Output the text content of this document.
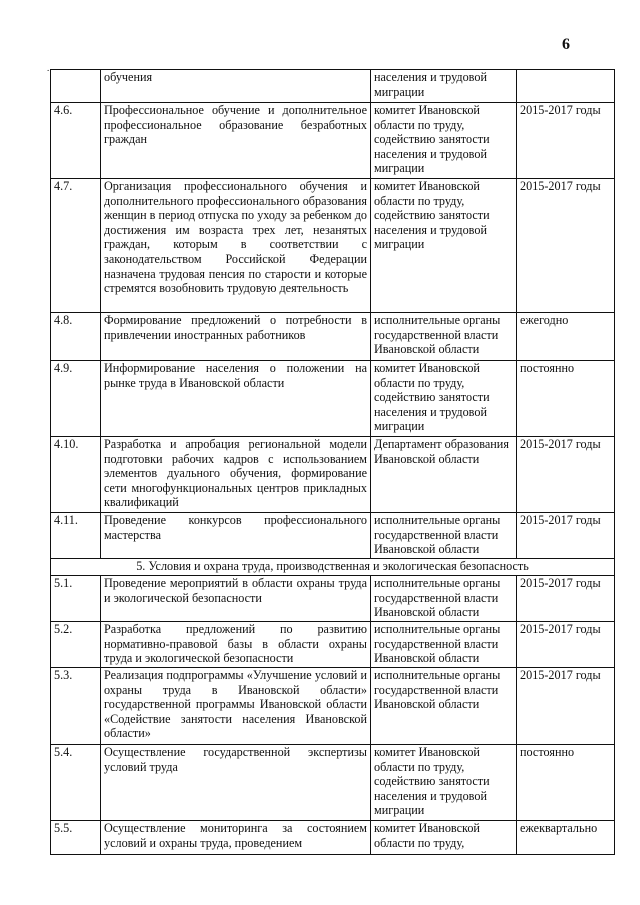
6
.
	обучения	населения и трудовой миграции	
4.6.	Профессиональное обучение и дополнительное профессиональное образование безработных граждан	комитет Ивановской области по труду, содействию занятости населения и трудовой миграции	2015-2017 годы
4.7.	Организация профессионального обучения и дополнительного профессионального образования женщин в период отпуска по уходу за ребенком до достижения им возраста трех лет, незанятых граждан, которым в соответствии с законодательством Российской Федерации назначена трудовая пенсия по старости и которые стремятся возобновить трудовую деятельность	комитет Ивановской области по труду, содействию занятости населения и трудовой миграции	2015-2017 годы
4.8.	Формирование предложений о потребности в привлечении иностранных работников	исполнительные органы государственной власти Ивановской области	ежегодно
4.9.	Информирование населения о положении на рынке труда в Ивановской области	комитет Ивановской области по труду, содействию занятости населения и трудовой миграции	постоянно
4.10.	Разработка и апробация региональной модели подготовки рабочих кадров с использованием элементов дуального обучения, формирование сети многофункциональных центров прикладных квалификаций	Департамент образования Ивановской области	2015-2017 годы
4.11.	Проведение конкурсов профессионального мастерства	исполнительные органы государственной власти Ивановской области	2015-2017 годы
5. Условия и охрана труда, производственная и экологическая безопасность			
5.1.	Проведение мероприятий в области охраны труда и экологической безопасности	исполнительные органы государственной власти Ивановской области	2015-2017 годы
5.2.	Разработка предложений по развитию нормативно-правовой базы в области охраны труда и экологической безопасности	исполнительные органы государственной власти Ивановской области	2015-2017 годы
5.3.	Реализация подпрограммы «Улучшение условий и охраны труда в Ивановской области» государственной программы Ивановской области «Содействие занятости населения Ивановской области»	исполнительные органы государственной власти Ивановской области	2015-2017 годы
5.4.	Осуществление государственной экспертизы условий труда	комитет Ивановской области по труду, содействию занятости населения и трудовой миграции	постоянно
5.5.	Осуществление мониторинга за состоянием условий и охраны труда, проведением	комитет Ивановской области по труду,	ежеквартально
